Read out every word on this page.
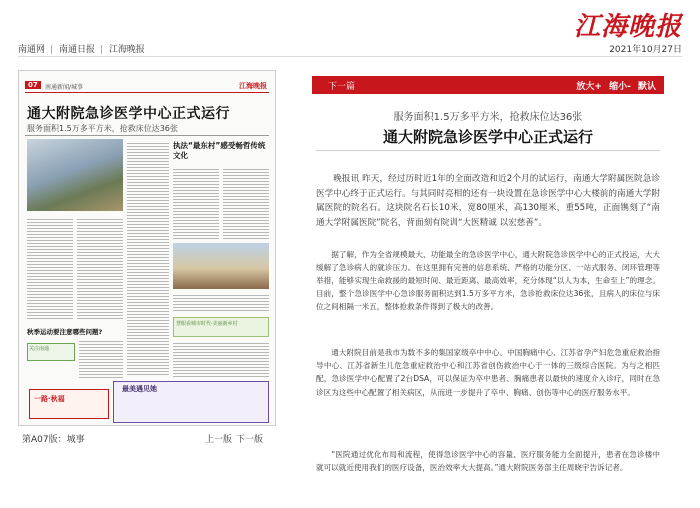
江海晚报
南通网 | 南通日报 | 江海晚报	2021年10月27日
07	南通新闻/城事	江海晚报
通大附院急诊医学中心正式运行
服务面积1.5万多平方米，抢救床位达36张
执法“最东村”感受畅哲传统文化
慧眼看城市时代·美丽新乡村
秋季运动要注意哪些问题?
关注南通
一路·秋福
最美遇见她
第A07版：城事	上一版 下一版
下一篇	放大+ 缩小- 默认
服务面积1.5万多平方米，抢救床位达36张
通大附院急诊医学中心正式运行

晚报讯 昨天，经过历时近1年的全面改造和近2个月的试运行，南通大学附属医院急诊医学中心终于正式运行。与其同时亮相的还有一块设置在急诊医学中心大楼前的南通大学附属医院的院名石。这块院名石长10米，宽80厘米，高130厘米，重55吨，正面镌刻了“南通大学附属医院”院名，背面刻有院训“大医精诚 以宏慈善”。

据了解，作为全省规模最大、功能最全的急诊医学中心，通大附院急诊医学中心的正式投运，大大缓解了急诊病人的就诊压力。在这里拥有完善的信息系统、严格的功能分区、一站式服务、闭环管理等举措，能够实现生命救援的最短时间、最近距离、最高效率，充分体现“以人为本，生命至上”的理念。目前，整个急诊医学中心急诊服务面积达到1.5万多平方米，急诊抢救床位达36张，且病人的床位与床位之间相隔一米五，整体抢救条件得到了极大的改善。

通大附院目前是我市为数不多的集国家级卒中中心、中国胸痛中心、江苏省孕产妇危急重症救治指导中心、江苏省新生儿危急重症救治中心和江苏省创伤救治中心于一体的三级综合医院。为与之相匹配，急诊医学中心配置了2台DSA，可以保证为卒中患者、胸痛患者以最快的速度介入诊疗，同时在急诊区为这些中心配置了相关病区，从而进一步提升了卒中、胸痛、创伤等中心的医疗服务水平。

“医院通过优化布局和流程，使得急诊医学中心的容量、医疗服务能力全面提升，患者在急诊楼中就可以就近使用我们的医疗设备，医治效率大大提高。”通大附院医务部主任周晓宇告诉记者。
